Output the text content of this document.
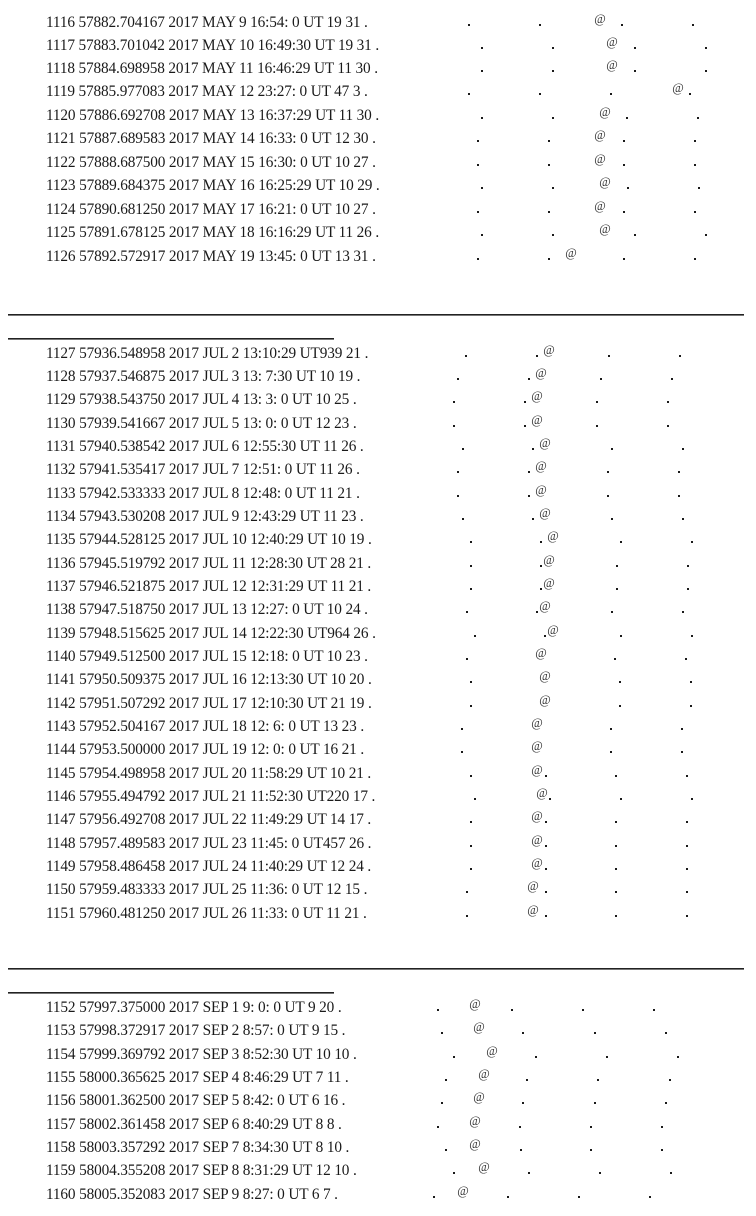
1116 57882.704167 2017 MAY 9 16:54: 0 UT 19 31 .	@
1117 57883.701042 2017 MAY 10 16:49:30 UT 19 31 .	@
1118 57884.698958 2017 MAY 11 16:46:29 UT 11 30 .	@
1119 57885.977083 2017 MAY 12 23:27: 0 UT 47 3 .	@
1120 57886.692708 2017 MAY 13 16:37:29 UT 11 30 .	@
1121 57887.689583 2017 MAY 14 16:33: 0 UT 12 30 .	@
1122 57888.687500 2017 MAY 15 16:30: 0 UT 10 27 .	@
1123 57889.684375 2017 MAY 16 16:25:29 UT 10 29 .	@
1124 57890.681250 2017 MAY 17 16:21: 0 UT 10 27 .	@
1125 57891.678125 2017 MAY 18 16:16:29 UT 11 26 .	@
1126 57892.572917 2017 MAY 19 13:45: 0 UT 13 31 .	@
1127 57936.548958 2017 JUL 2 13:10:29 UT939 21 .	@
1128 57937.546875 2017 JUL 3 13: 7:30 UT 10 19 .	@
1129 57938.543750 2017 JUL 4 13: 3: 0 UT 10 25 .	@
1130 57939.541667 2017 JUL 5 13: 0: 0 UT 12 23 .	@
1131 57940.538542 2017 JUL 6 12:55:30 UT 11 26 .	@
1132 57941.535417 2017 JUL 7 12:51: 0 UT 11 26 .	@
1133 57942.533333 2017 JUL 8 12:48: 0 UT 11 21 .	@
1134 57943.530208 2017 JUL 9 12:43:29 UT 11 23 .	@
1135 57944.528125 2017 JUL 10 12:40:29 UT 10 19 .	@
1136 57945.519792 2017 JUL 11 12:28:30 UT 28 21 .	@
1137 57946.521875 2017 JUL 12 12:31:29 UT 11 21 .	@
1138 57947.518750 2017 JUL 13 12:27: 0 UT 10 24 .	@
1139 57948.515625 2017 JUL 14 12:22:30 UT964 26 .	@
1140 57949.512500 2017 JUL 15 12:18: 0 UT 10 23 .	@
1141 57950.509375 2017 JUL 16 12:13:30 UT 10 20 .	@
1142 57951.507292 2017 JUL 17 12:10:30 UT 21 19 .	@
1143 57952.504167 2017 JUL 18 12: 6: 0 UT 13 23 .	@
1144 57953.500000 2017 JUL 19 12: 0: 0 UT 16 21 .	@
1145 57954.498958 2017 JUL 20 11:58:29 UT 10 21 .	@
1146 57955.494792 2017 JUL 21 11:52:30 UT220 17 .	@
1147 57956.492708 2017 JUL 22 11:49:29 UT 14 17 .	@
1148 57957.489583 2017 JUL 23 11:45: 0 UT457 26 .	@
1149 57958.486458 2017 JUL 24 11:40:29 UT 12 24 .	@
1150 57959.483333 2017 JUL 25 11:36: 0 UT 12 15 .	@
1151 57960.481250 2017 JUL 26 11:33: 0 UT 11 21 .	@
1152 57997.375000 2017 SEP 1 9: 0: 0 UT 9 20 .	@
1153 57998.372917 2017 SEP 2 8:57: 0 UT 9 15 .	@
1154 57999.369792 2017 SEP 3 8:52:30 UT 10 10 .	@
1155 58000.365625 2017 SEP 4 8:46:29 UT 7 11 .	@
1156 58001.362500 2017 SEP 5 8:42: 0 UT 6 16 .	@
1157 58002.361458 2017 SEP 6 8:40:29 UT 8 8 .	@
1158 58003.357292 2017 SEP 7 8:34:30 UT 8 10 .	@
1159 58004.355208 2017 SEP 8 8:31:29 UT 12 10 .	@
1160 58005.352083 2017 SEP 9 8:27: 0 UT 6 7 .	@
